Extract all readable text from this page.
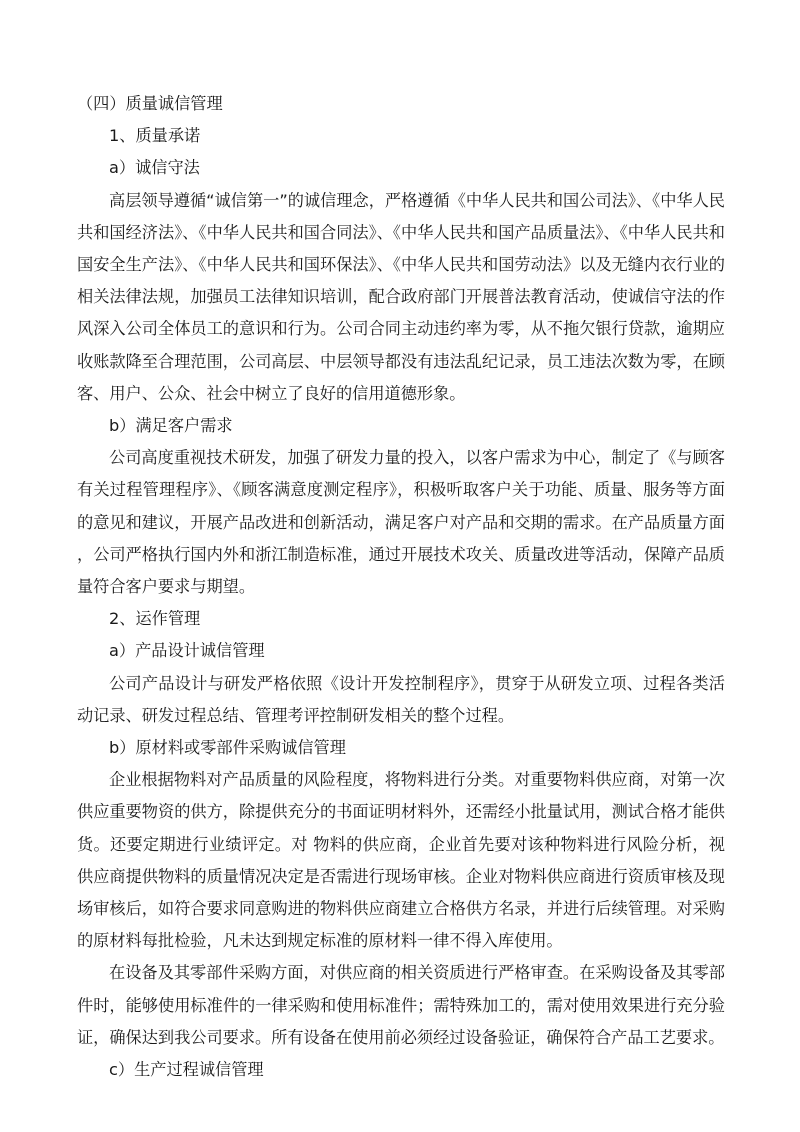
（四）质量诚信管理
1、质量承诺
a）诚信守法

高层领导遵循“诚信第一”的诚信理念，严格遵循《中华人民共和国公司法》、《中华人民共和国经济法》、《中华人民共和国合同法》、《中华人民共和国产品质量法》、《中华人民共和国安全生产法》、《中华人民共和国环保法》、《中华人民共和国劳动法》以及无缝内衣行业的相关法律法规，加强员工法律知识培训，配合政府部门开展普法教育活动，使诚信守法的作风深入公司全体员工的意识和行为。公司合同主动违约率为零，从不拖欠银行贷款，逾期应收账款降至合理范围，公司高层、中层领导都没有违法乱纪记录，员工违法次数为零，在顾客、用户、公众、社会中树立了良好的信用道德形象。

b）满足客户需求

公司高度重视技术研发，加强了研发力量的投入，以客户需求为中心，制定了《与顾客有关过程管理程序》、《顾客满意度测定程序》，积极听取客户关于功能、质量、服务等方面的意见和建议，开展产品改进和创新活动，满足客户对产品和交期的需求。在产品质量方面，公司严格执行国内外和浙江制造标准，通过开展技术攻关、质量改进等活动，保障产品质量符合客户要求与期望。

2、运作管理
a）产品设计诚信管理

公司产品设计与研发严格依照《设计开发控制程序》，贯穿于从研发立项、过程各类活动记录、研发过程总结、管理考评控制研发相关的整个过程。

b）原材料或零部件采购诚信管理

企业根据物料对产品质量的风险程度，将物料进行分类。对重要物料供应商，对第一次供应重要物资的供方，除提供充分的书面证明材料外，还需经小批量试用，测试合格才能供货。还要定期进行业绩评定。对 物料的供应商，企业首先要对该种物料进行风险分析，视供应商提供物料的质量情况决定是否需进行现场审核。企业对物料供应商进行资质审核及现场审核后，如符合要求同意购进的物料供应商建立合格供方名录，并进行后续管理。对采购的原材料每批检验，凡未达到规定标准的原材料一律不得入库使用。

在设备及其零部件采购方面，对供应商的相关资质进行严格审查。在采购设备及其零部件时，能够使用标准件的一律采购和使用标准件；需特殊加工的，需对使用效果进行充分验证，确保达到我公司要求。所有设备在使用前必须经过设备验证，确保符合产品工艺要求。

c）生产过程诚信管理
